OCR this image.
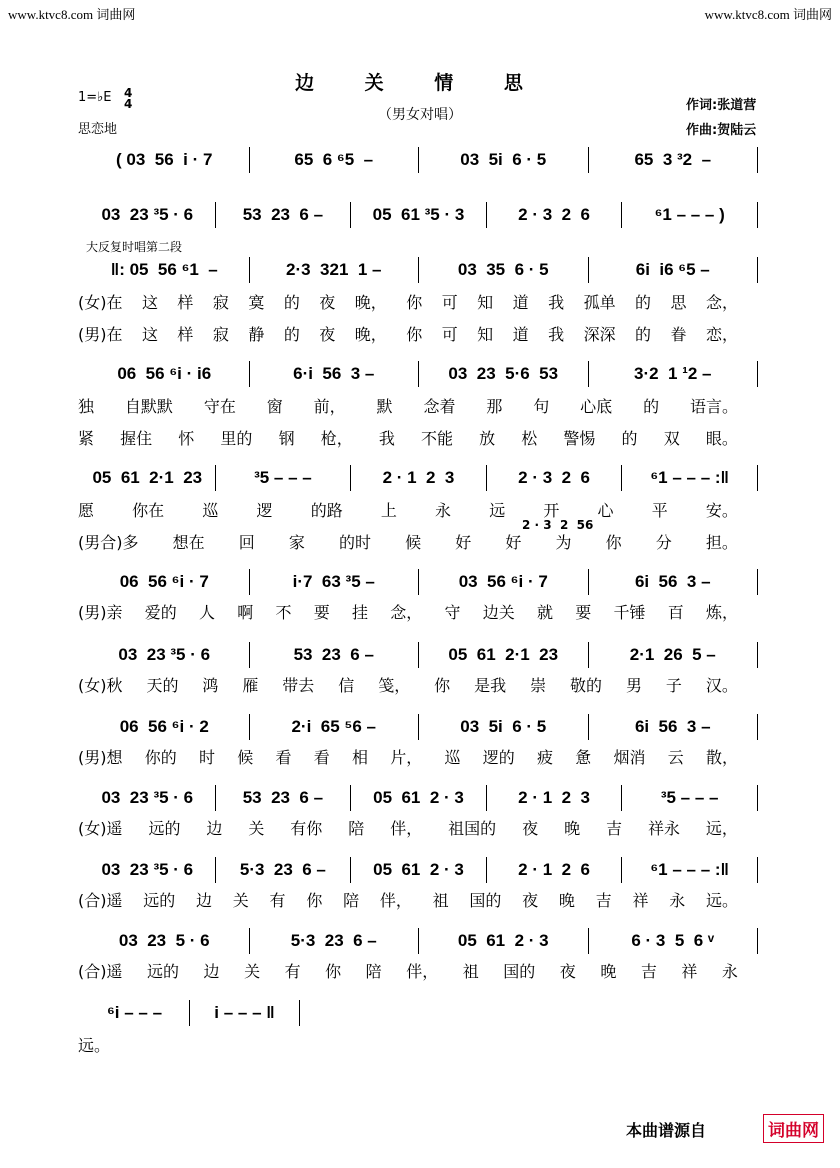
www.ktvc8.com 词曲网	www.ktvc8.com 词曲网
边 关 情 思
（男女对唱）
1=♭E 4
4
思恋地
作词:张道营
作曲:贺陆云
大反复时唱第二段
2 · 3  2  56
( 03  56  i · 7	65  6 ⁶5  –	03  5i  6 · 5	65  3 ³2  –
03  23 ³5 · 6	53  23  6 –	05  61 ³5 · 3	2 · 3  2  6	⁶1 – – – )
‖: 05  56 ⁶1  –	2·3  321  1 –	03  35  6 · 5	6i  i6 ⁶5 –
(女)在 这 样 寂 寞 的 夜 晚， 你 可 知 道 我 孤单 的 思 念，
(男)在 这 样 寂 静 的 夜 晚， 你 可 知 道 我 深深 的 眷 恋，
06  56 ⁶i · i6	6·i  56  3 –	03  23  5·6  53	3·2  1 ¹2 –
独 自默默 守在 窗 前， 默 念着 那 句 心底 的 语言。
紧 握住 怀 里的 钢 枪， 我 不能 放 松 警惕 的 双 眼。
05  61  2·1  23	³5 – – –	2 · 1  2  3	2 · 3  2  6	⁶1 – – – :‖
愿 你在 巡 逻 的路 上 永 远 开 心 平 安。
(男合)多 想在 回 家 的时 候 好 好 为 你 分 担。
06  56 ⁶i · 7	i·7  63 ³5 –	03  56 ⁶i · 7	6i  56  3 –
(男)亲 爱的 人 啊 不 要 挂 念， 守 边关 就 要 千锤 百 炼，
03  23 ³5 · 6	53  23  6 –	05  61  2·1  23	2·1  26  5 –
(女)秋 天的 鸿 雁 带去 信 笺， 你 是我 崇 敬的 男 子 汉。
06  56 ⁶i · 2	2·i  65 ⁵6 –	03  5i  6 · 5	6i  56  3 –
(男)想 你的 时 候 看 看 相 片， 巡 逻的 疲 惫 烟消 云 散，
03  23 ³5 · 6	53  23  6 –	05  61  2 · 3	2 · 1  2  3	³5 – – –
(女)遥 远的 边 关 有你 陪 伴， 祖国的 夜 晚 吉 祥永 远，
03  23 ³5 · 6	5·3  23  6 –	05  61  2 · 3	2 · 1  2  6	⁶1 – – – :‖
(合)遥 远的 边 关 有 你 陪 伴， 祖 国的 夜 晚 吉 祥 永 远。
03  23  5 · 6	5·3  23  6 –	05  61  2 · 3	6 · 3  5  6 ᵛ
(合)遥 远的 边 关 有 你 陪 伴， 祖 国的 夜 晚 吉 祥 永
⁶i – – –	i – – – ‖
远。
本曲谱源自	词曲网
